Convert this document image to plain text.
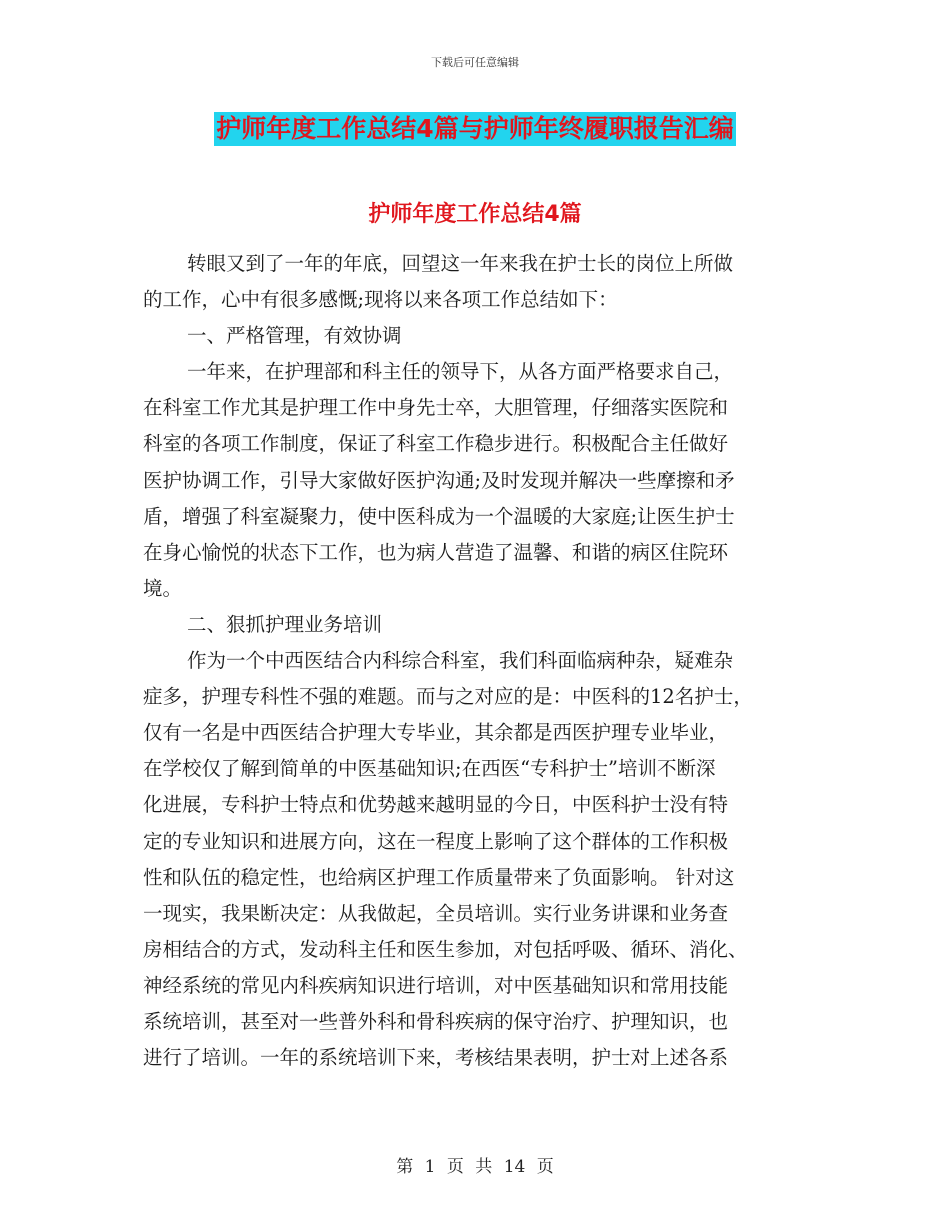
下载后可任意编辑
护师年度工作总结4篇与护师年终履职报告汇编
护师年度工作总结4篇
转眼又到了一年的年底，回望这一年来我在护士长的岗位上所做
的工作，心中有很多感慨;现将以来各项工作总结如下：
一、严格管理，有效协调
一年来，在护理部和科主任的领导下，从各方面严格要求自己，
在科室工作尤其是护理工作中身先士卒，大胆管理，仔细落实医院和
科室的各项工作制度，保证了科室工作稳步进行。积极配合主任做好
医护协调工作，引导大家做好医护沟通;及时发现并解决一些摩擦和矛
盾，增强了科室凝聚力，使中医科成为一个温暖的大家庭;让医生护士
在身心愉悦的状态下工作，也为病人营造了温馨、和谐的病区住院环
境。
二、狠抓护理业务培训
作为一个中西医结合内科综合科室，我们科面临病种杂，疑难杂
症多，护理专科性不强的难题。而与之对应的是：中医科的12名护士，
仅有一名是中西医结合护理大专毕业，其余都是西医护理专业毕业，
在学校仅了解到简单的中医基础知识;在西医“专科护士”培训不断深
化进展，专科护士特点和优势越来越明显的今日，中医科护士没有特
定的专业知识和进展方向，这在一程度上影响了这个群体的工作积极
性和队伍的稳定性，也给病区护理工作质量带来了负面影响。 针对这
一现实，我果断决定：从我做起，全员培训。实行业务讲课和业务查
房相结合的方式，发动科主任和医生参加，对包括呼吸、循环、消化、
神经系统的常见内科疾病知识进行培训，对中医基础知识和常用技能
系统培训，甚至对一些普外科和骨科疾病的保守治疗、护理知识，也
进行了培训。一年的系统培训下来，考核结果表明，护士对上述各系
第 1 页 共 14 页
